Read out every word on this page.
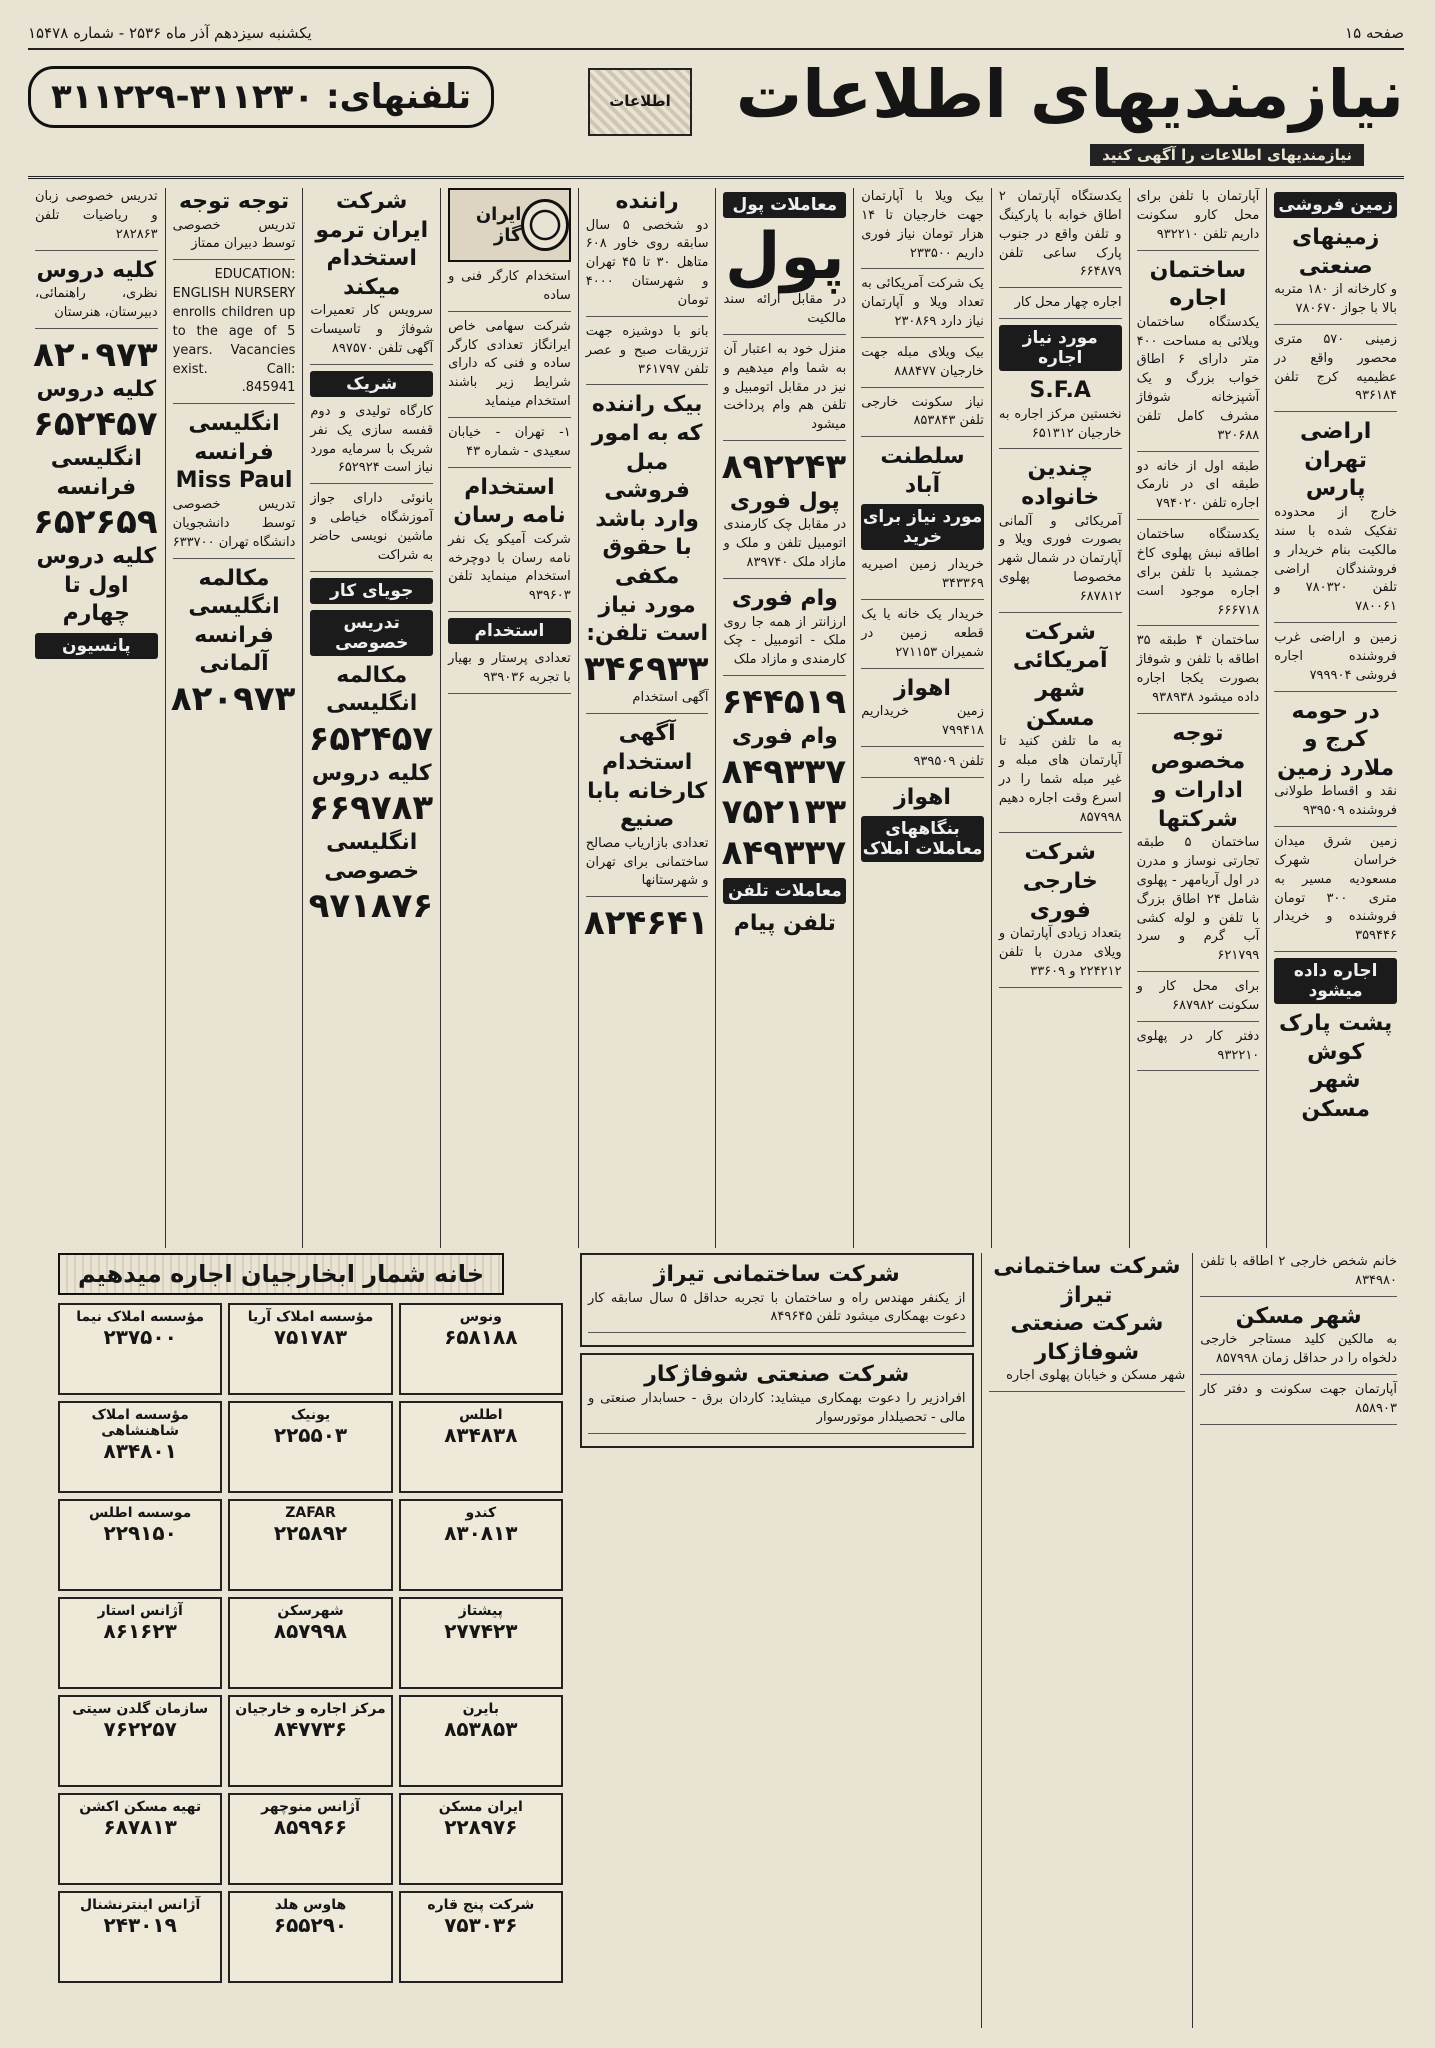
صفحه ۱۵
یکشنبه سیزدهم آذر ماه ۲۵۳۶ - شماره ۱۵۴۷۸
نیازمندیهای اطلاعات
نیازمندیهای اطلاعات را آگهی کنید
اطلاعات
تلفنهای: ۳۱۱۲۳۰-۳۱۱۲۲۹
زمین فروشی
زمینهای صنعتی
و کارخانه از ۱۸۰ متربه بالا با جواز ۷۸۰۶۷۰
زمینی ۵۷۰ متری محصور واقع در عظیمیه کرج تلفن ۹۳۶۱۸۴
اراضی تهران پارس
خارج از محدوده تفکیک شده با سند مالکیت بنام خریدار و فروشندگان اراضی تلفن ۷۸۰۳۲۰ و ۷۸۰۰۶۱
زمین و اراضی غرب فروشنده اجاره فروشی ۷۹۹۹۰۴
در حومه کرج و ملارد زمین
نقد و اقساط طولانی فروشنده ۹۳۹۵۰۹
زمین شرق میدان خراسان شهرک مسعودیه مسیر به متری ۳۰۰ تومان فروشنده و خریدار ۳۵۹۴۴۶
اجاره داده میشود
پشت پارک کوش
شهر مسکن
آپارتمان با تلفن برای محل کارو سکونت داریم تلفن ۹۳۲۲۱۰
ساختمان اجاره
یکدستگاه ساختمان ویلائی به مساحت ۴۰۰ متر دارای ۶ اطاق خواب بزرگ و یک آشپزخانه شوفاژ مشرف کامل تلفن ۳۲۰۶۸۸
طبقه اول از خانه دو طبقه ای در نارمک اجاره تلفن ۷۹۴۰۲۰
یکدستگاه ساختمان اطاقه نبش پهلوی کاخ جمشید با تلفن برای اجاره موجود است ۶۶۶۷۱۸
ساختمان ۴ طبقه ۳۵ اطاقه با تلفن و شوفاژ بصورت یکجا اجاره داده میشود ۹۳۸۹۳۸
توجه
مخصوص ادارات و شرکتها
ساختمان ۵ طبقه تجارتی نوساز و مدرن در اول آریامهر - پهلوی شامل ۲۴ اطاق بزرگ با تلفن و لوله کشی آب گرم و سرد ۶۲۱۷۹۹
برای محل کار و سکونت ۶۸۷۹۸۲
دفتر کار در پهلوی ۹۳۲۲۱۰
یکدستگاه آپارتمان ۲ اطاق خوابه با پارکینگ و تلفن واقع در جنوب پارک ساعی تلفن ۶۶۴۸۷۹
اجاره چهار محل کار
مورد نیاز اجاره
S.F.A
نخستین مرکز اجاره به خارجیان ۶۵۱۳۱۲
چندین خانواده
آمریکائی و آلمانی بصورت فوری ویلا و آپارتمان در شمال شهر مخصوصا پهلوی ۶۸۷۸۱۲
شرکت آمریکائی
شهر مسکن
به ما تلفن کنید تا آپارتمان های مبله و غیر مبله شما را در اسرع وقت اجاره دهیم ۸۵۷۹۹۸
شرکت خارجی فوری
بتعداد زیادی آپارتمان و ویلای مدرن با تلفن ۲۲۴۲۱۲ و ۳۳۶۰۹
بیک ویلا با آپارتمان جهت خارجیان تا ۱۴ هزار تومان نیاز فوری داریم ۲۳۳۵۰۰
یک شرکت آمریکائی به تعداد ویلا و آپارتمان نیاز دارد ۲۳۰۸۶۹
بیک ویلای مبله جهت خارجیان ۸۸۸۴۷۷
نیاز سکونت خارجی تلفن ۸۵۳۸۴۳
سلطنت آباد
مورد نیاز برای خرید
خریدار زمین اصیریه ۳۴۳۳۶۹
خریدار یک خانه یا یک قطعه زمین در شمیران ۲۷۱۱۵۳
اهواز
زمین خریداریم ۷۹۹۴۱۸
تلفن ۹۳۹۵۰۹
اهواز
بنگاههای معاملات املاک
معاملات پول
پول
در مقابل ارائه سند مالکیت
منزل خود به اعتبار آن به شما وام میدهیم و نیز در مقابل اتومبیل و تلفن هم وام پرداخت میشود
۸۹۲۲۴۳
پول فوری
در مقابل چک کارمندی اتومبیل تلفن و ملک و مازاد ملک ۸۳۹۷۴۰
وام فوری
ارزانتر از همه جا روی ملک - اتومبیل - چک کارمندی و مازاد ملک
۶۴۴۵۱۹
وام فوری
۸۴۹۳۳۷
۷۵۲۱۳۳
۸۴۹۳۳۷
معاملات تلفن
تلفن پیام
راننده
دو شخصی ۵ سال سابقه روی خاور ۶۰۸ متاهل ۳۰ تا ۴۵ تهران و شهرستان ۴۰۰۰ تومان
بانو با دوشیزه جهت تزریقات صبح و عصر تلفن ۳۶۱۷۹۷
بیک راننده که به امور مبل فروشی وارد باشد با حقوق مکفی مورد نیاز است تلفن:
۳۴۶۹۳۳
آگهی استخدام
آگهی استخدام کارخانه بابا
صنیع
تعدادی بازاریاب مصالح ساختمانی برای تهران و شهرستانها
۸۲۴۶۴۱
ایران گاز
استخدام کارگر فنی و ساده
شرکت سهامی خاص ایرانگاز تعدادی کارگر ساده و فنی که دارای شرایط زیر باشند استخدام مینماید
۱- تهران - خیابان سعیدی - شماره ۴۳
استخدام نامه رسان
شرکت آمیکو یک نفر نامه رسان با دوچرخه استخدام مینماید تلفن ۹۳۹۶۰۳
استخدام
تعدادی پرستار و بهیار با تجربه ۹۳۹۰۳۶
شرکت ایران ترمو استخدام میکند
سرویس کار تعمیرات شوفاژ و تاسیسات آگهی تلفن ۸۹۷۵۷۰
شریک
کارگاه تولیدی و دوم قفسه سازی یک نفر شریک با سرمایه مورد نیاز است ۶۵۲۹۲۴
بانوئی دارای جواز آموزشگاه خیاطی و ماشین نویسی حاضر به شراکت
جویای کار
تدریس خصوصی
مکالمه انگلیسی
۶۵۲۴۵۷
کلیه دروس
۶۶۹۷۸۳
انگلیسی خصوصی
۹۷۱۸۷۶
توجه توجه
تدریس خصوصی توسط دبیران ممتاز
EDUCATION: ENGLISH NURSERY enrolls children up to the age of 5 years. Vacancies exist. Call: 845941.
انگلیسی فرانسه Miss Paul
تدریس خصوصی توسط دانشجویان دانشگاه تهران ۶۳۳۷۰۰
مکالمه انگلیسی فرانسه آلمانی
۸۲۰۹۷۳
تدریس خصوصی زبان و ریاضیات تلفن ۲۸۲۸۶۳
کلیه دروس
نظری، راهنمائی، دبیرستان، هنرستان
۸۲۰۹۷۳
کلیه دروس
۶۵۲۴۵۷
انگلیسی فرانسه
۶۵۲۶۵۹
کلیه دروس اول تا چهارم
پانسیون
خانم شخص خارجی ۲ اطاقه با تلفن ۸۳۴۹۸۰
شهر مسکن
به مالکین کلید مستاجر خارجی دلخواه را در حداقل زمان ۸۵۷۹۹۸
آپارتمان جهت سکونت و دفتر کار ۸۵۸۹۰۳
شرکت ساختمانی تیراژ
شرکت صنعتی شوفاژکار
شهر مسکن و خیابان پهلوی اجاره
شرکت ساختمانی تیراژ
از یکنفر مهندس راه و ساختمان با تجربه حداقل ۵ سال سابقه کار دعوت بهمکاری میشود تلفن ۸۴۹۶۴۵
شرکت صنعتی شوفاژکار
افرادزیر را دعوت بهمکاری میشاید: کاردان برق - حسابدار صنعتی و مالی - تحصیلدار موتورسوار
خانه شمار ابخارجیان اجاره میدهیم
مؤسسه املاک نیما
۲۳۷۵۰۰
مؤسسه املاک آریا
۷۵۱۷۸۳
ونوس
۶۵۸۱۸۸
مؤسسه املاک شاهنشاهی
۸۳۴۸۰۱
یونیک
۲۲۵۵۰۳
اطلس
۸۳۴۸۳۸
موسسه اطلس
۲۲۹۱۵۰
ZAFAR
۲۲۵۸۹۲
کندو
۸۳۰۸۱۳
آژانس استار
۸۶۱۶۲۳
شهرسکن
۸۵۷۹۹۸
پیشتاز
۲۷۷۴۲۳
سازمان گلدن سیتی
۷۶۲۲۵۷
مرکز اجاره و خارجیان
۸۴۷۷۳۶
بایرن
۸۵۳۸۵۳
تهیه مسکن اکشن
۶۸۷۸۱۳
آژانس منوچهر
۸۵۹۹۶۶
ایران مسکن
۲۲۸۹۷۶
آژانس اینترنشنال
۲۴۳۰۱۹
هاوس هلد
۶۵۵۲۹۰
شرکت پنج قاره
۷۵۳۰۳۶
